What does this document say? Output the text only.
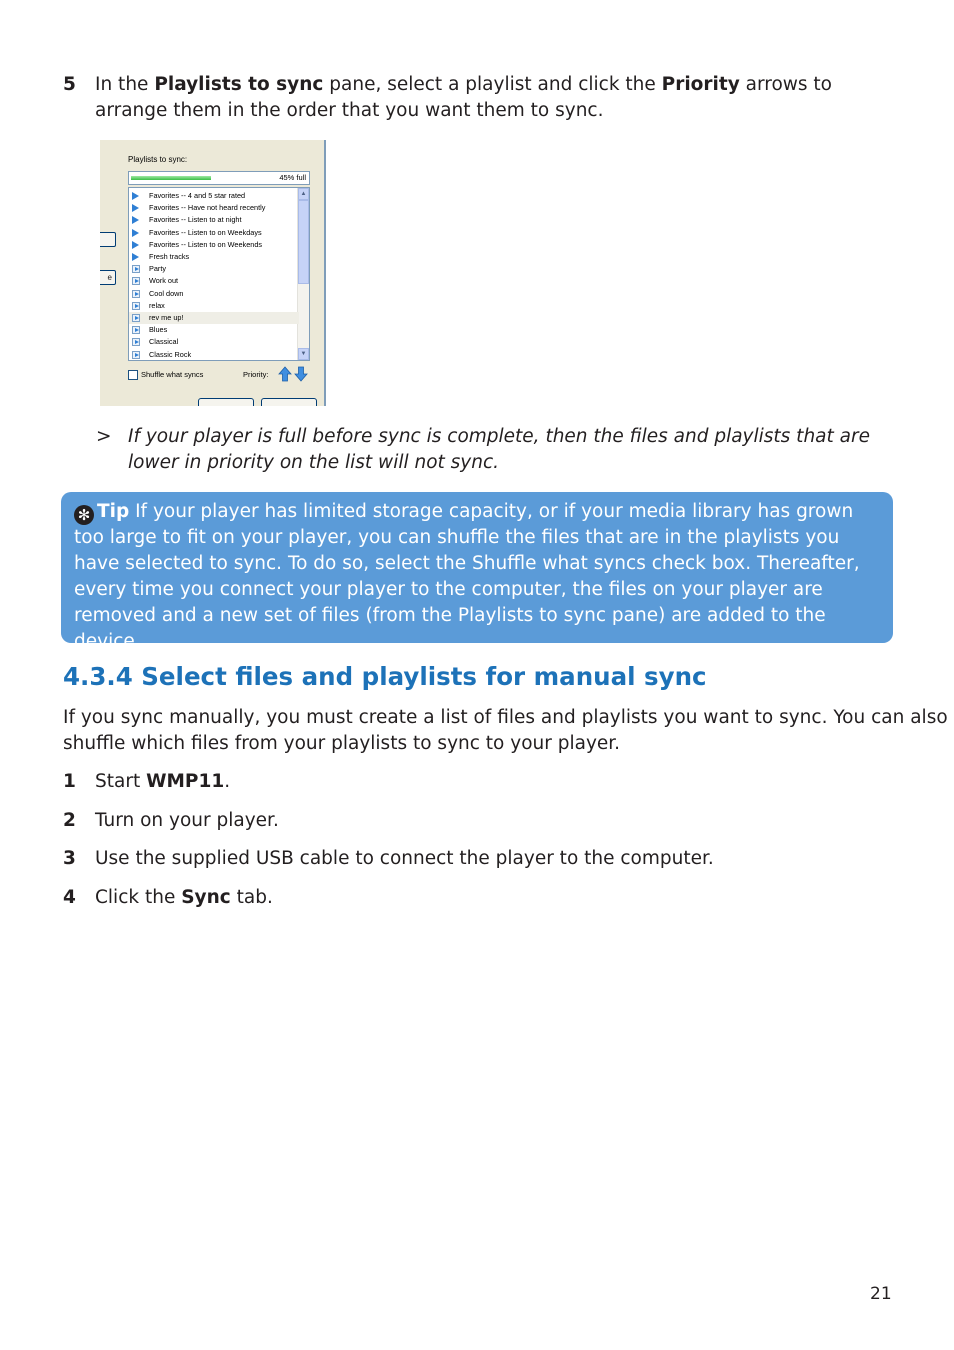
5 In the Playlists to sync pane, select a playlist and click the Priority arrows to arrange them in the order that you want them to sync.
Playlists to sync:
45% full
▲
▼
Favorites -- 4 and 5 star rated
Favorites -- Have not heard recently
Favorites -- Listen to at night
Favorites -- Listen to on Weekdays
Favorites -- Listen to on Weekends
Fresh tracks
Party
Work out
Cool down
relax
rev me up!
Blues
Classical
Classic Rock
e
Shuffle what syncs	Priority:
> If your player is full before sync is complete, then the files and playlists that are lower in priority on the list will not sync.
✻ Tip If your player has limited storage capacity, or if your media library has grown too large to fit on your player, you can shuffle the files that are in the playlists you have selected to sync. To do so, select the Shuffle what syncs check box. Thereafter, every time you connect your player to the computer, the files on your player are removed and a new set of files (from the Playlists to sync pane) are added to the device.
4.3.4 Select files and playlists for manual sync
If you sync manually, you must create a list of files and playlists you want to sync. You can also
shuffle which files from your playlists to sync to your player.
1 Start WMP11.
2 Turn on your player.
3 Use the supplied USB cable to connect the player to the computer.
4 Click the Sync tab.
21
